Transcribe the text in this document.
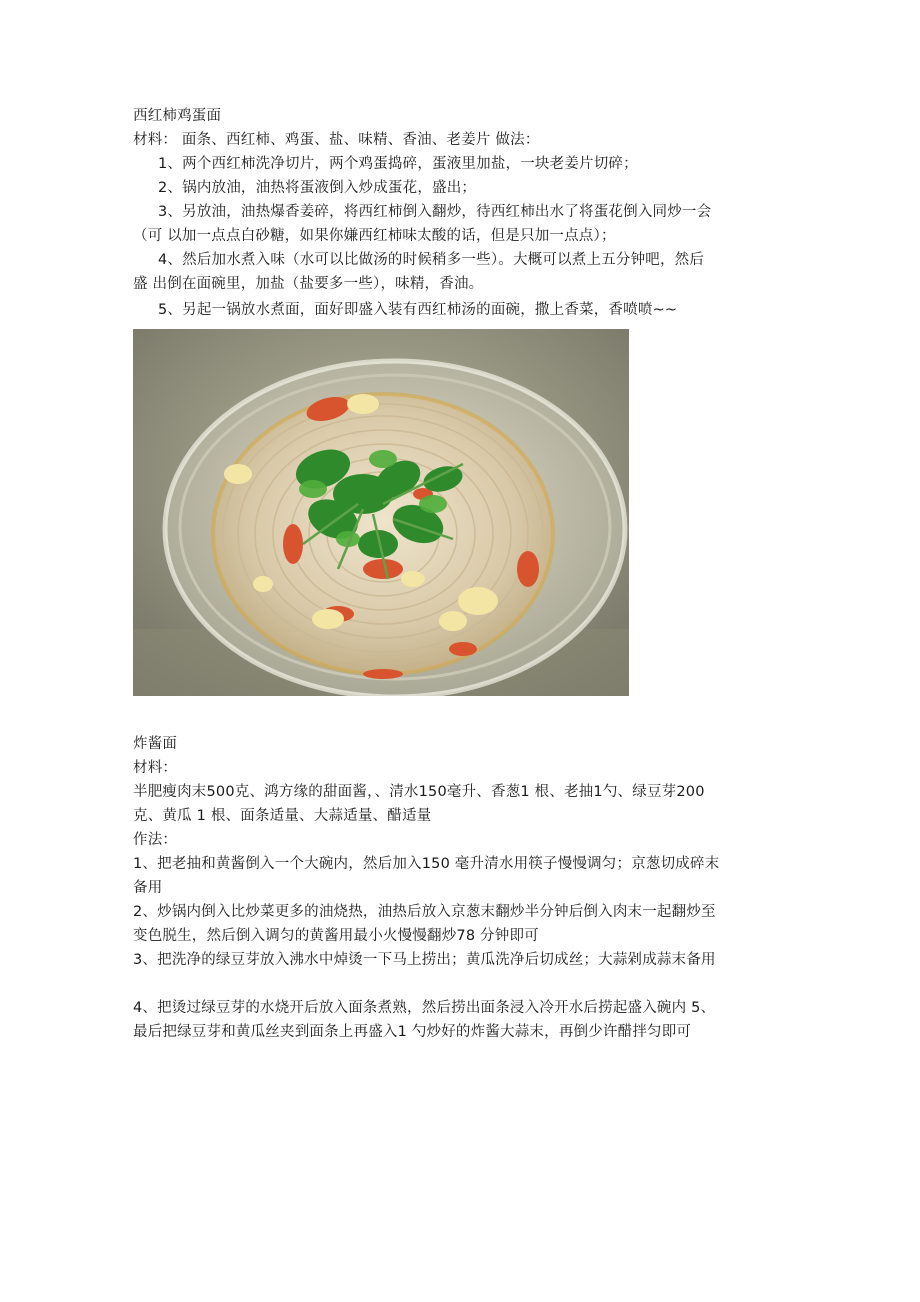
西红柿鸡蛋面
材料： 面条、西红柿、鸡蛋、盐、味精、香油、老姜片 做法：
1、两个西红柿洗净切片，两个鸡蛋捣碎，蛋液里加盐，一块老姜片切碎；
2、锅内放油，油热将蛋液倒入炒成蛋花，盛出；
3、另放油，油热爆香姜碎，将西红柿倒入翻炒，待西红柿出水了将蛋花倒入同炒一会
（可 以加一点点白砂糖，如果你嫌西红柿味太酸的话，但是只加一点点）；
4、然后加水煮入味（水可以比做汤的时候稍多一些）。大概可以煮上五分钟吧，然后
盛 出倒在面碗里，加盐（盐要多一些），味精，香油。
5、另起一锅放水煮面，面好即盛入装有西红柿汤的面碗，撒上香菜，香喷喷~~
炸酱面
材料：
半肥瘦肉末500克、鸿方缘的甜面酱，、清水150毫升、香葱1 根、老抽1勺、绿豆芽200
克、黄瓜 1 根、面条适量、大蒜适量、醋适量
作法：
1、把老抽和黄酱倒入一个大碗内，然后加入150 毫升清水用筷子慢慢调匀；京葱切成碎末
备用
2、炒锅内倒入比炒菜更多的油烧热，油热后放入京葱末翻炒半分钟后倒入肉末一起翻炒至
变色脱生，然后倒入调匀的黄酱用最小火慢慢翻炒78 分钟即可
3、把洗净的绿豆芽放入沸水中焯烫一下马上捞出；黄瓜洗净后切成丝；大蒜剁成蒜末备用
4、把烫过绿豆芽的水烧开后放入面条煮熟，然后捞出面条浸入冷开水后捞起盛入碗内 5、
最后把绿豆芽和黄瓜丝夹到面条上再盛入1 勺炒好的炸酱大蒜末，再倒少许醋拌匀即可
